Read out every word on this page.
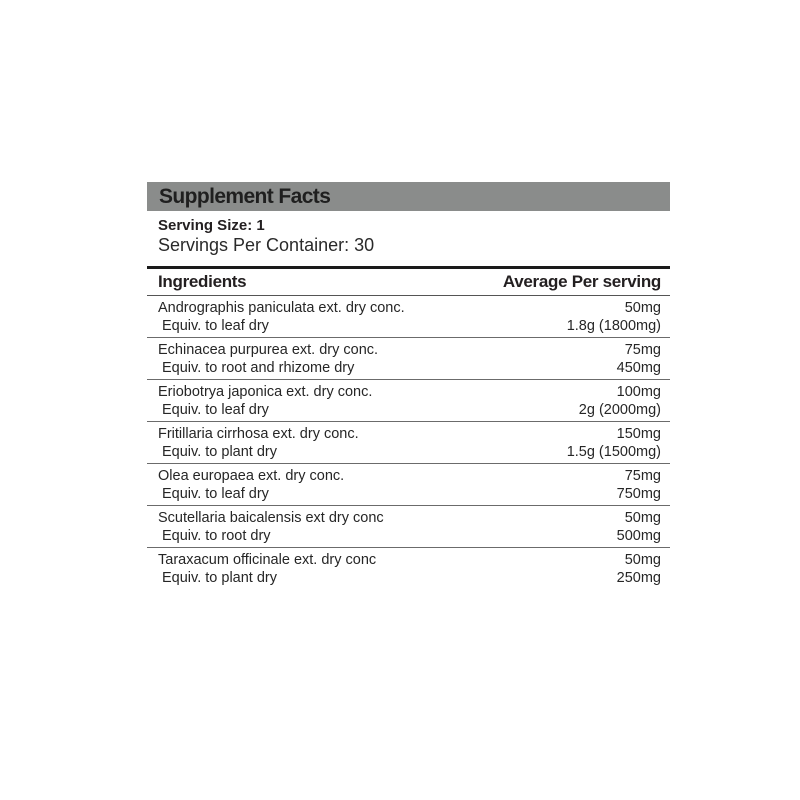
Supplement Facts
Serving Size: 1
Servings Per Container: 30
Ingredients	Average Per serving
Andrographis paniculata ext. dry conc.	50mg
Equiv. to leaf dry	1.8g (1800mg)
Echinacea purpurea ext. dry conc.	75mg
Equiv. to root and rhizome dry	450mg
Eriobotrya japonica ext. dry conc.	100mg
Equiv. to leaf dry	2g (2000mg)
Fritillaria cirrhosa ext. dry conc.	150mg
Equiv. to plant dry	1.5g (1500mg)
Olea europaea ext. dry conc.	75mg
Equiv. to leaf dry	750mg
Scutellaria baicalensis ext dry conc	50mg
Equiv. to root dry	500mg
Taraxacum officinale ext. dry conc	50mg
Equiv. to plant dry	250mg
